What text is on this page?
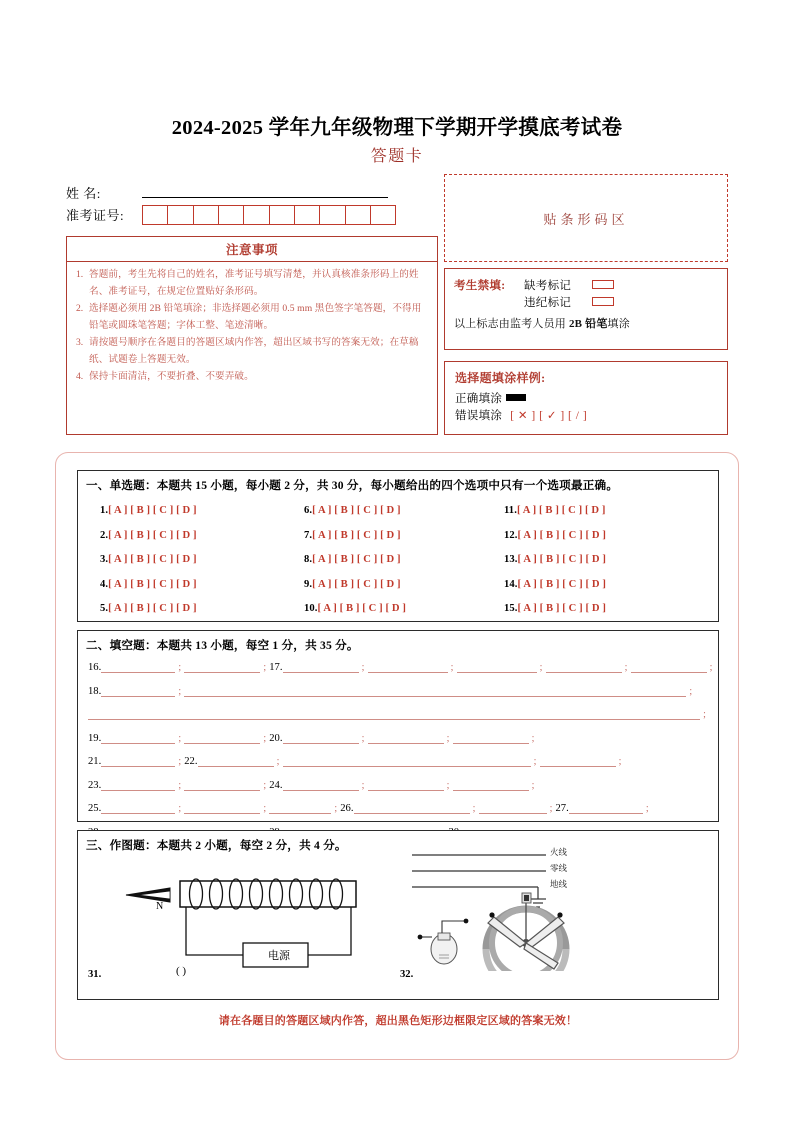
2024-2025 学年九年级物理下学期开学摸底考试卷
答题卡
姓 名:
准考证号:
注意事项
1. 答题前，考生先将自己的姓名，准考证号填写清楚，并认真核准条形码上的姓名、准考证号，在规定位置贴好条形码。
2. 选择题必须用 2B 铅笔填涂；非选择题必须用 0.5 mm 黑色签字笔答题，不得用铅笔或圆珠笔答题；字体工整、笔迹清晰。
3. 请按题号顺序在各题目的答题区域内作答，超出区域书写的答案无效；在草稿纸、试题卷上答题无效。
4. 保持卡面清洁，不要折叠、不要弄破。
贴条形码区
考生禁填:	缺考标记
违纪标记
以上标志由监考人员用 2B 铅笔填涂
选择题填涂样例:
正确填涂
错误填涂 [ ✕ ] [ ✓ ] [ / ]
一、单选题：本题共 15 小题，每小题 2 分，共 30 分，每小题给出的四个选项中只有一个选项最正确。
1.[ A ] [ B ] [ C ] [ D ]
2.[ A ] [ B ] [ C ] [ D ]
3.[ A ] [ B ] [ C ] [ D ]
4.[ A ] [ B ] [ C ] [ D ]
5.[ A ] [ B ] [ C ] [ D ]
6.[ A ] [ B ] [ C ] [ D ]
7.[ A ] [ B ] [ C ] [ D ]
8.[ A ] [ B ] [ C ] [ D ]
9.[ A ] [ B ] [ C ] [ D ]
10.[ A ] [ B ] [ C ] [ D ]
11.[ A ] [ B ] [ C ] [ D ]
12.[ A ] [ B ] [ C ] [ D ]
13.[ A ] [ B ] [ C ] [ D ]
14.[ A ] [ B ] [ C ] [ D ]
15.[ A ] [ B ] [ C ] [ D ]
二、填空题：本题共 13 小题，每空 1 分，共 35 分。
16.	;	; 17.	;	;	;	;	;
18.	;	;
;
19.	;	; 20.	;	;	;
21.	; 22.	;	;	;
23.	;	; 24.	;	;	;
25.	;	;	; 26.	;	; 27.	;
三、作图题：本题共 2 小题，每空 2 分，共 4 分。
31.	32.
N
电源
( )
火线
零线
地线
请在各题目的答题区域内作答，超出黑色矩形边框限定区域的答案无效！
